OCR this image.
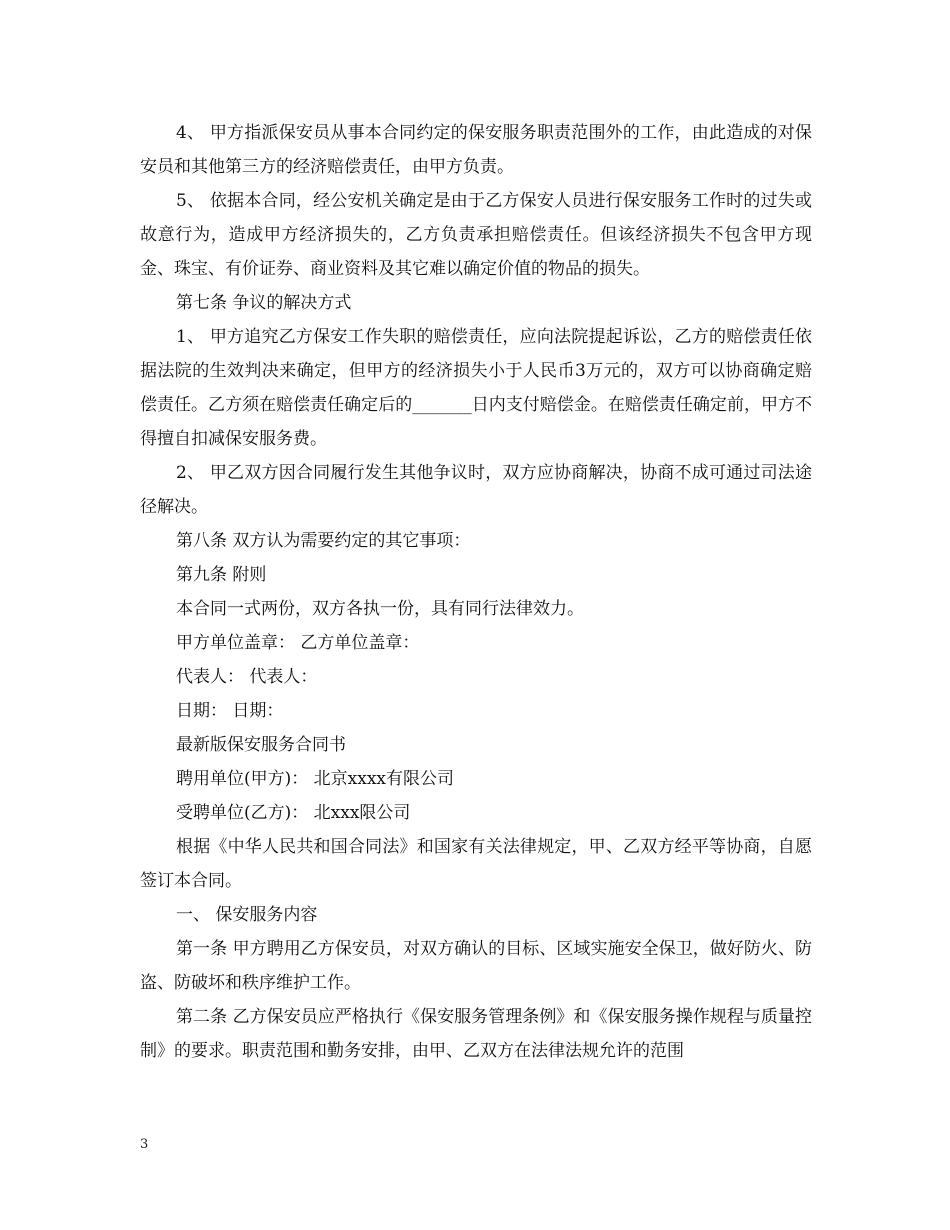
4、 甲方指派保安员从事本合同约定的保安服务职责范围外的工作，由此造成的对保安员和其他第三方的经济赔偿责任，由甲方负责。

5、 依据本合同，经公安机关确定是由于乙方保安人员进行保安服务工作时的过失或故意行为，造成甲方经济损失的，乙方负责承担赔偿责任。但该经济损失不包含甲方现金、珠宝、有价证券、商业资料及其它难以确定价值的物品的损失。

第七条 争议的解决方式

1、 甲方追究乙方保安工作失职的赔偿责任，应向法院提起诉讼，乙方的赔偿责任依据法院的生效判决来确定，但甲方的经济损失小于人民币3万元的，双方可以协商确定赔偿责任。乙方须在赔偿责任确定后的_______日内支付赔偿金。在赔偿责任确定前，甲方不得擅自扣减保安服务费。

2、 甲乙双方因合同履行发生其他争议时，双方应协商解决，协商不成可通过司法途径解决。

第八条 双方认为需要约定的其它事项：

第九条 附则

本合同一式两份，双方各执一份，具有同行法律效力。

甲方单位盖章： 乙方单位盖章：

代表人： 代表人：

日期： 日期：

最新版保安服务合同书

聘用单位(甲方)： 北京xxxx有限公司

受聘单位(乙方)： 北xxx限公司

根据《中华人民共和国合同法》和国家有关法律规定，甲、乙双方经平等协商，自愿签订本合同。

一、 保安服务内容

第一条 甲方聘用乙方保安员，对双方确认的目标、区域实施安全保卫，做好防火、防盗、防破坏和秩序维护工作。

第二条 乙方保安员应严格执行《保安服务管理条例》和《保安服务操作规程与质量控制》的要求。职责范围和勤务安排，由甲、乙双方在法律法规允许的范围

3
